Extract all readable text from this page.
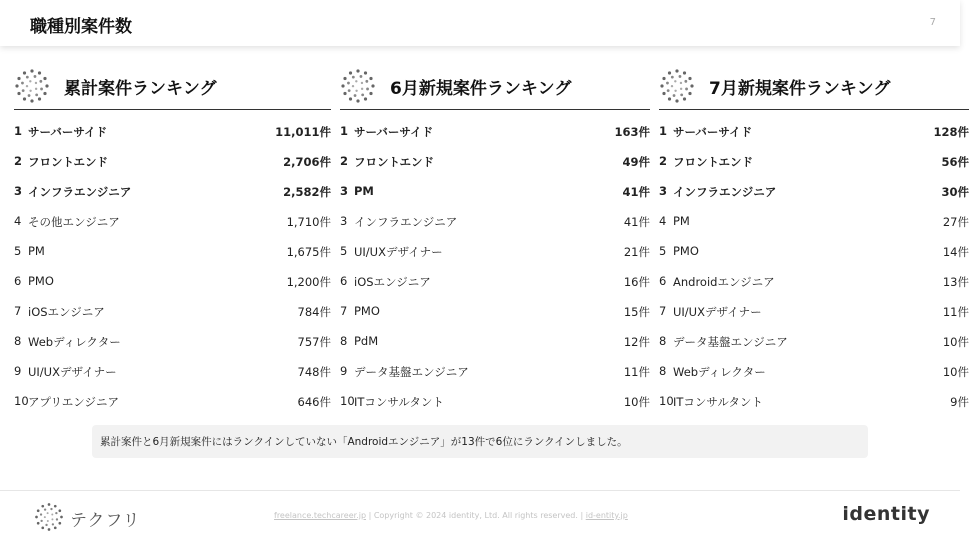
職種別案件数	7
累計案件ランキング
1 サーバーサイド	11,011件
2 フロントエンド	2,706件
3 インフラエンジニア	2,582件
4 その他エンジニア	1,710件
5 PM	1,675件
6 PMO	1,200件
7 iOSエンジニア	784件
8 Webディレクター	757件
9 UI/UXデザイナー	748件
10 アプリエンジニア	646件
6月新規案件ランキング
1 サーバーサイド	163件
2 フロントエンド	49件
3 PM	41件
3 インフラエンジニア	41件
5 UI/UXデザイナー	21件
6 iOSエンジニア	16件
7 PMO	15件
8 PdM	12件
9 データ基盤エンジニア	11件
10 ITコンサルタント	10件
7月新規案件ランキング
1 サーバーサイド	128件
2 フロントエンド	56件
3 インフラエンジニア	30件
4 PM	27件
5 PMO	14件
6 Androidエンジニア	13件
7 UI/UXデザイナー	11件
8 データ基盤エンジニア	10件
8 Webディレクター	10件
10 ITコンサルタント	9件
累計案件と6月新規案件にはランクインしていない「Androidエンジニア」が13件で6位にランクインしました。
テクフリ	freelance.techcareer.jp | Copyright © 2024 identity, Ltd. All rights reserved. | id-entity.jp	identity
